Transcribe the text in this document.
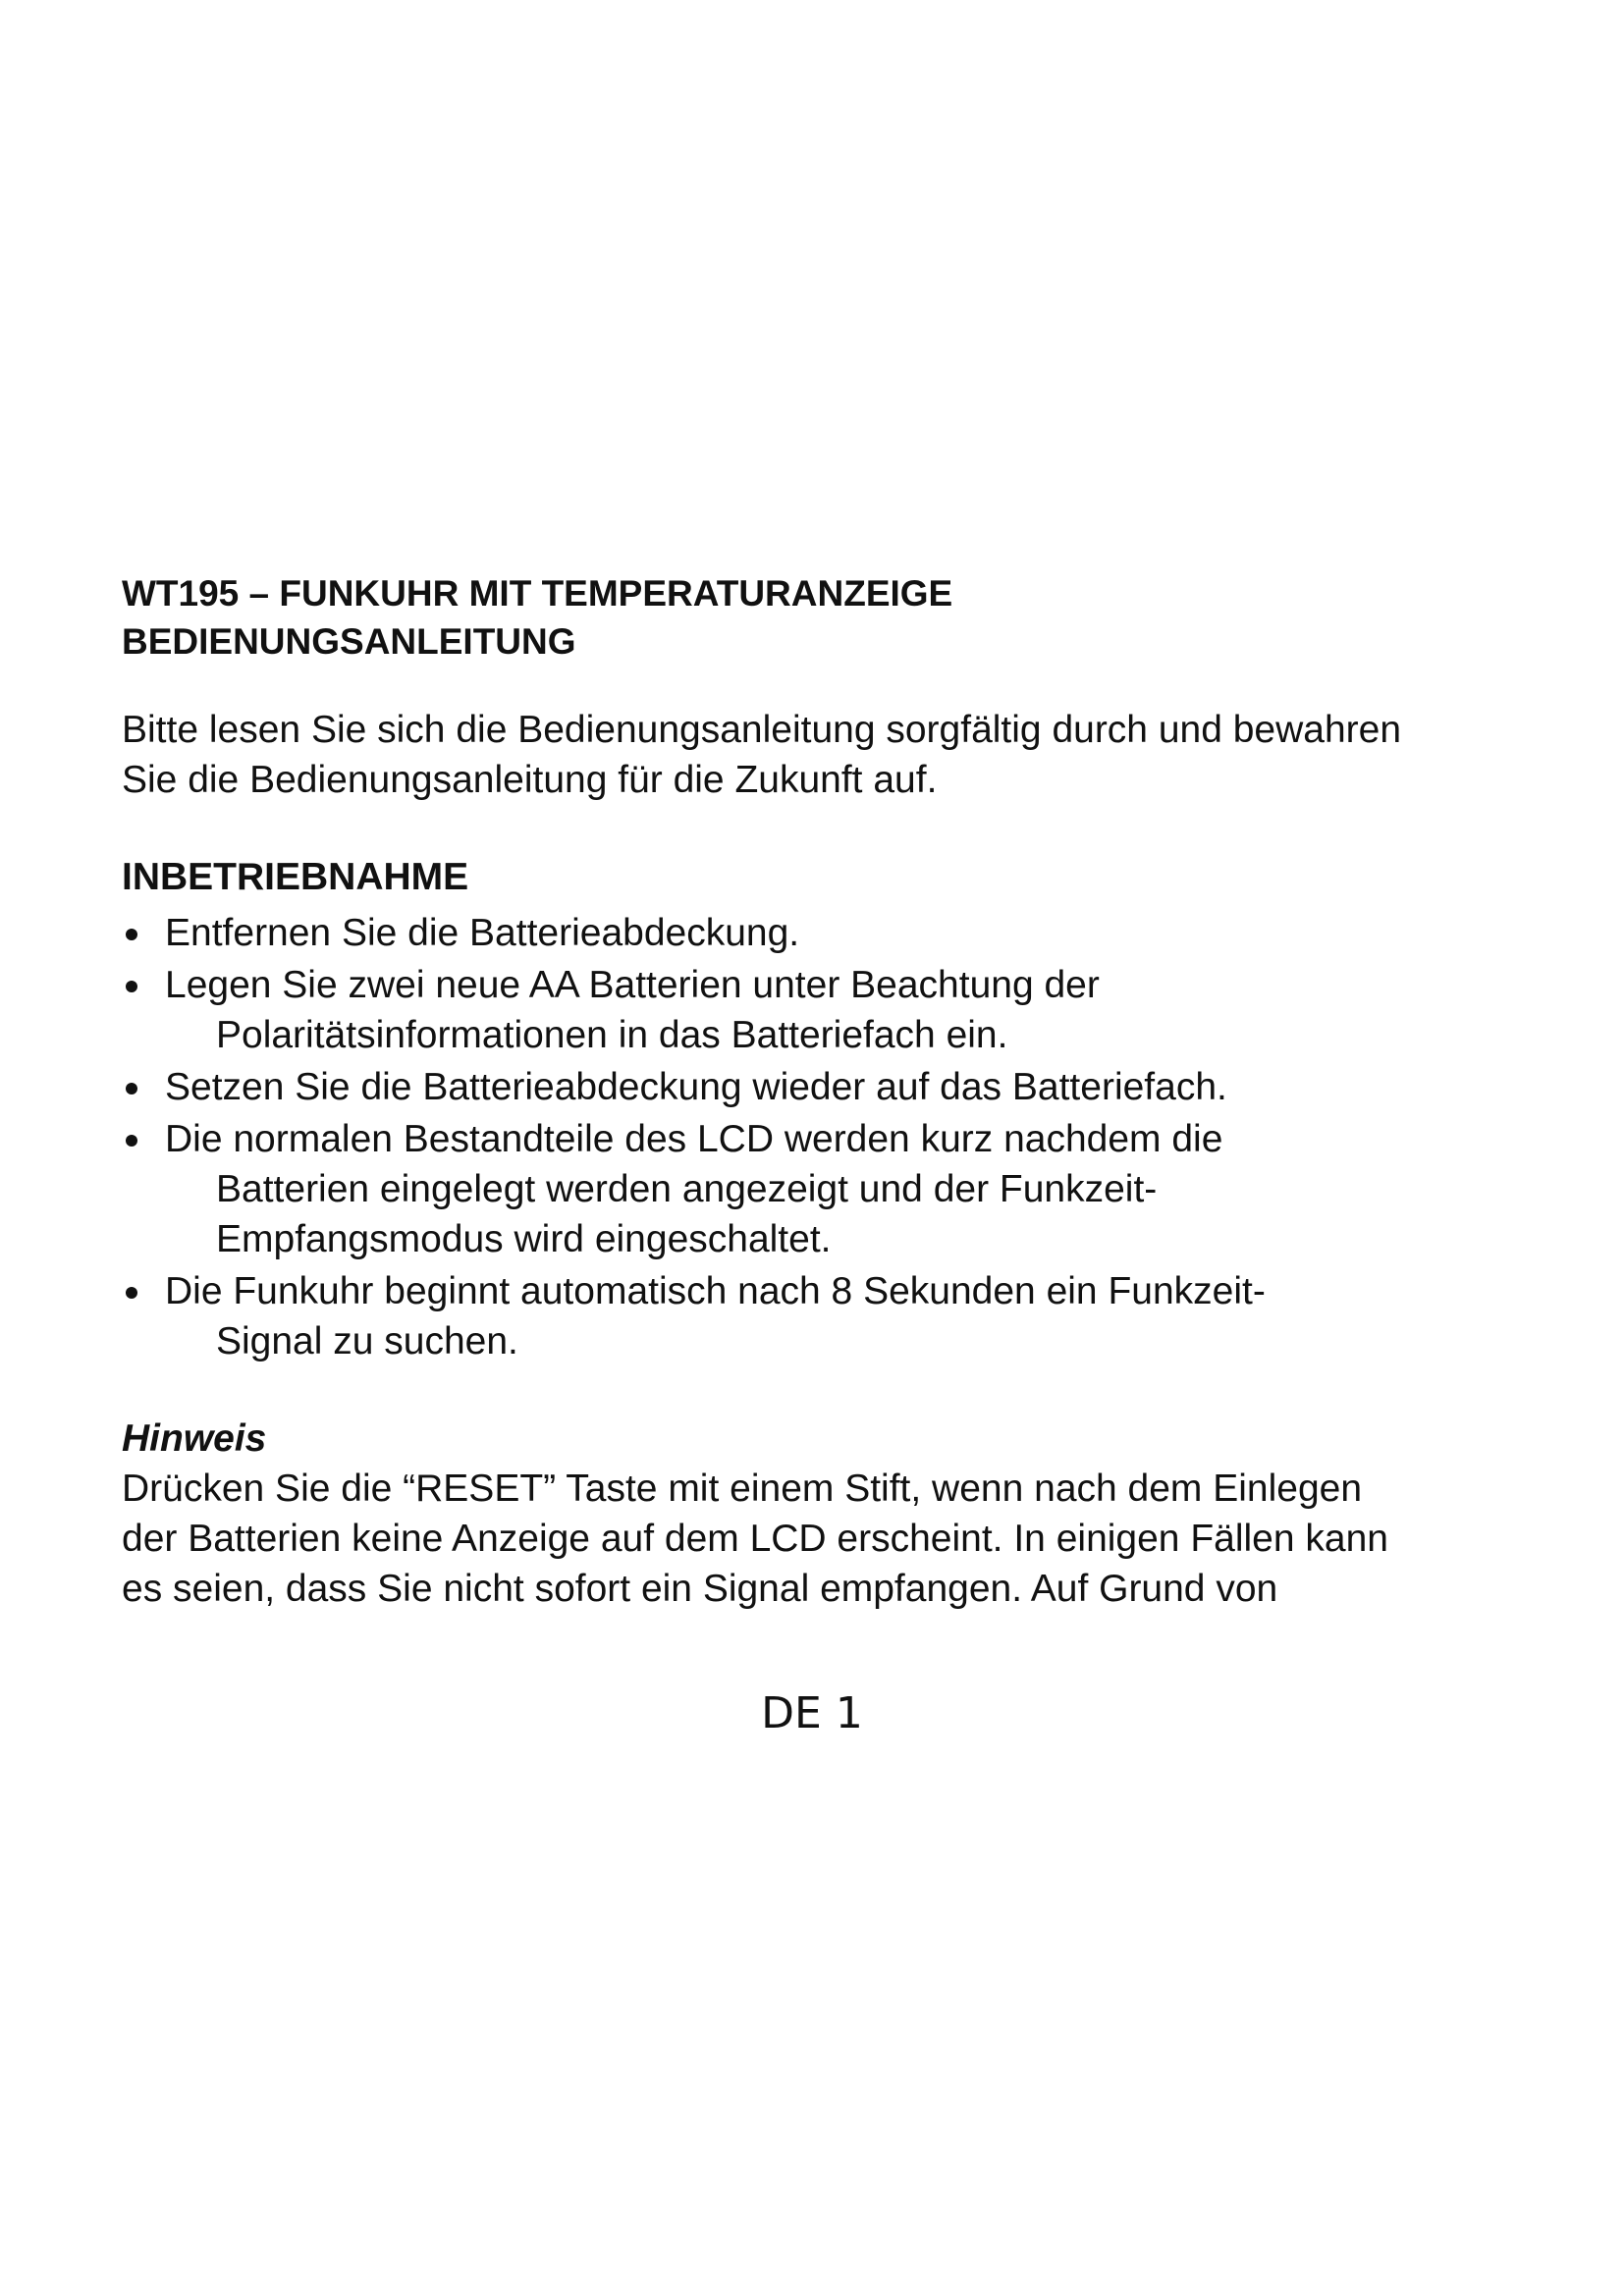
WT195 – FUNKUHR MIT TEMPERATURANZEIGE
BEDIENUNGSANLEITUNG

Bitte lesen Sie sich die Bedienungsanleitung sorgfältig durch und bewahren
Sie die Bedienungsanleitung für die Zukunft auf.

INBETRIEBNAHME
Entfernen Sie die Batterieabdeckung.
Legen Sie zwei neue AA Batterien unter Beachtung der
Polaritätsinformationen in das Batteriefach ein.
Setzen Sie die Batterieabdeckung wieder auf das Batteriefach.
Die normalen Bestandteile des LCD werden kurz nachdem die
Batterien eingelegt werden angezeigt und der Funkzeit-
Empfangsmodus wird eingeschaltet.
Die Funkuhr beginnt automatisch nach 8 Sekunden ein Funkzeit-
Signal zu suchen.
Hinweis

Drücken Sie die “RESET” Taste mit einem Stift, wenn nach dem Einlegen
der Batterien keine Anzeige auf dem LCD erscheint. In einigen Fällen kann
es seien, dass Sie nicht sofort ein Signal empfangen. Auf Grund von

DE 1
